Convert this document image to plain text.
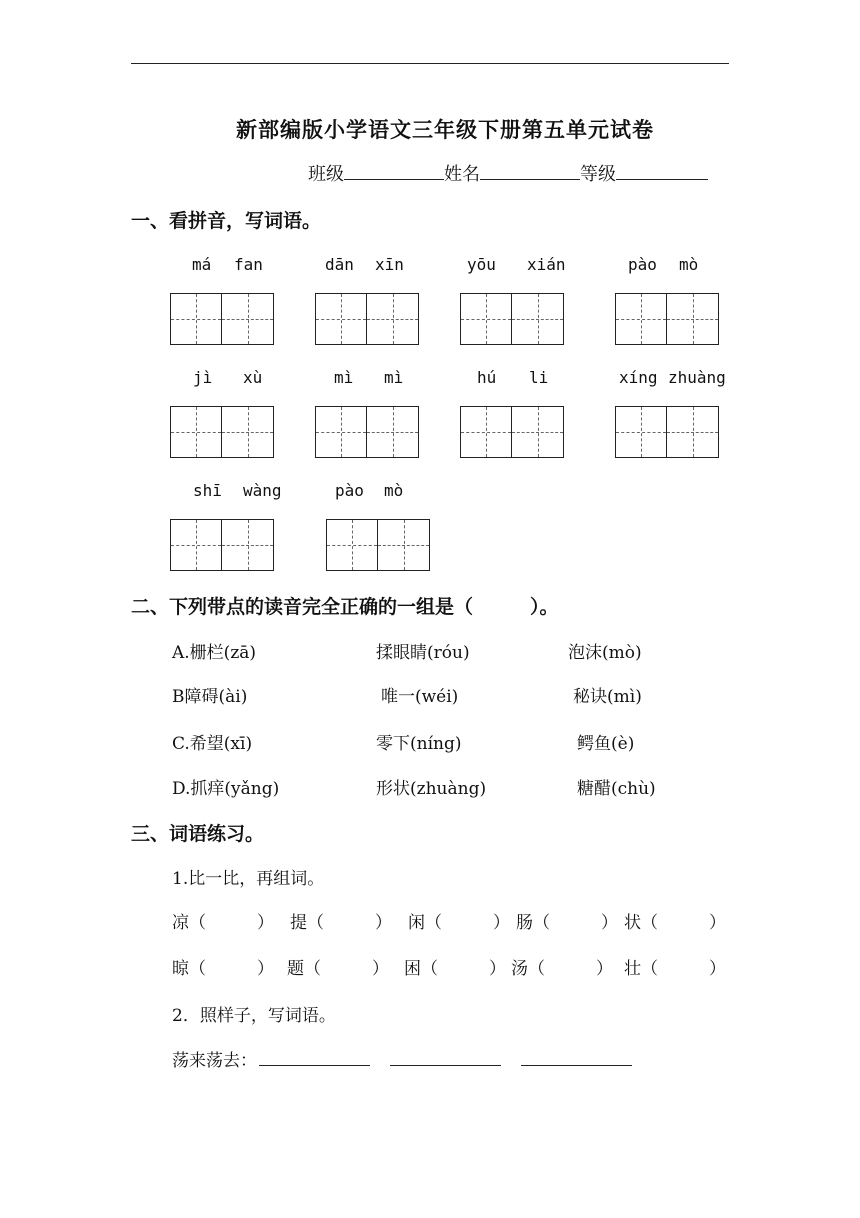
新部编版小学语文三年级下册第五单元试卷
班级	姓名	等级
一、看拼音，写词语。
má fan	dān xīn	yōu xián	pào mò
jì xù	mì mì	hú li	xíng zhuàng
shī wàng	pào mò
二、下列带点的读音完全正确的一组是（　　　）。
A.栅栏(zā)	揉眼睛(róu)	泡沫(mò)
B障碍(ài)	唯一(wéi)	秘诀(mì)
C.希望(xī)	零下(níng)	鳄鱼(è)
D.抓痒(yǎng)	形状(zhuàng)	糖醋(chù)
三、词语练习。
1.比一比，再组词。
凉（　　　） 提（　　　） 闲（　　　） 肠（　　　） 状（　　　）
晾（　　　） 题（　　　） 困（　　　） 汤（　　　） 壮（　　　）
2．照样子，写词语。
荡来荡去：
